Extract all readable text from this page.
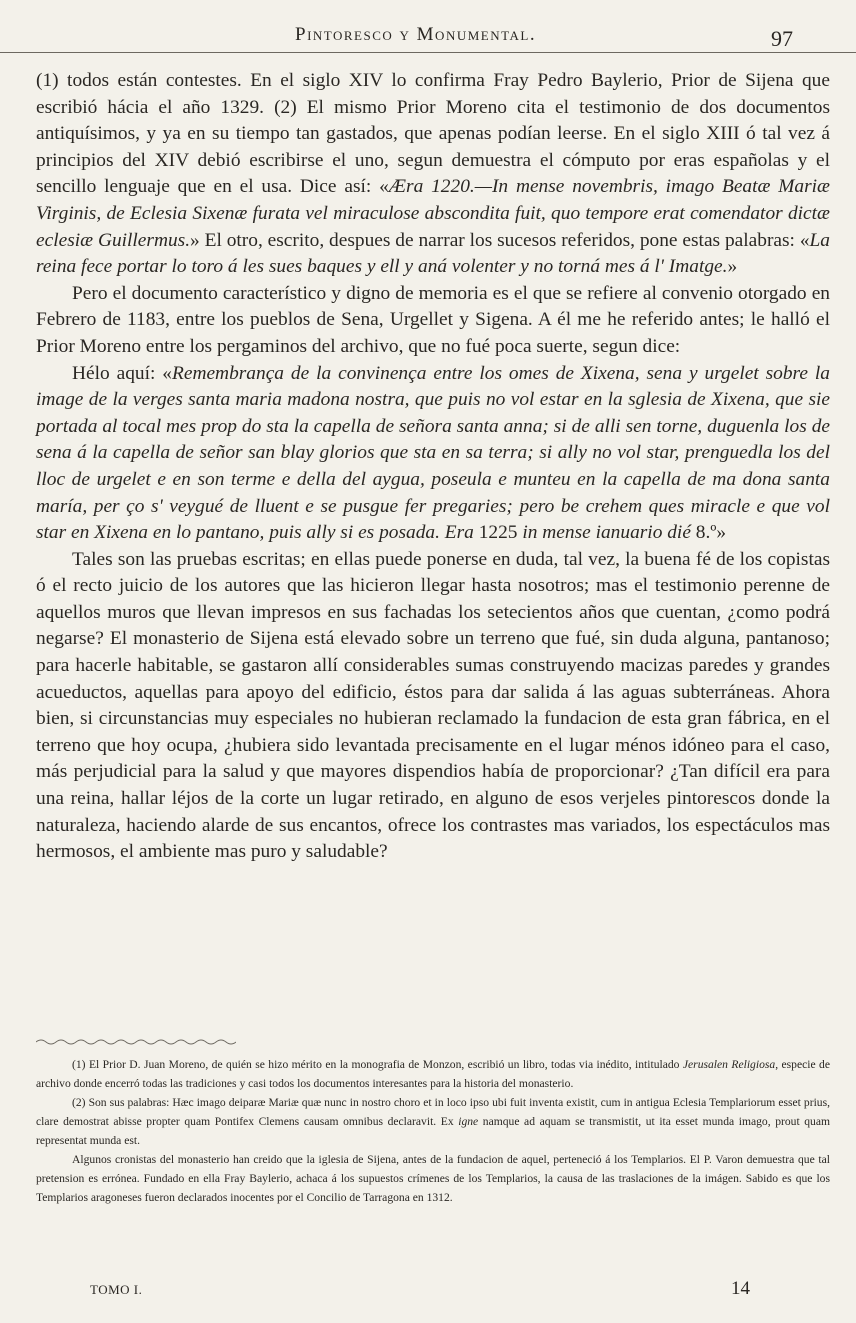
Pintoresco y Monumental.	97

(1) todos están contestes. En el siglo XIV lo confirma Fray Pedro Baylerio, Prior de Sijena que escribió hácia el año 1329. (2) El mismo Prior Moreno cita el testimonio de dos documentos antiquísimos, y ya en su tiempo tan gastados, que apenas podían leerse. En el siglo XIII ó tal vez á principios del XIV debió escribirse el uno, segun demuestra el cómputo por eras españolas y el sencillo lenguaje que en el usa. Dice así: «Æra 1220.—In mense novembris, imago Beatæ Mariæ Virginis, de Eclesia Sixenæ furata vel miraculose abscondita fuit, quo tempore erat comendator dictæ eclesiæ Guillermus.» El otro, escrito, despues de narrar los sucesos referidos, pone estas palabras: «La reina fece portar lo toro á les sues baques y ell y aná volenter y no torná mes á l' Imatge.»

Pero el documento característico y digno de memoria es el que se refiere al convenio otorgado en Febrero de 1183, entre los pueblos de Sena, Urgellet y Sigena. A él me he referido antes; le halló el Prior Moreno entre los pergaminos del archivo, que no fué poca suerte, segun dice:

Hélo aquí: «Remembrança de la convinença entre los omes de Xixena, sena y urgelet sobre la image de la verges santa maria madona nostra, que puis no vol estar en la sglesia de Xixena, que sie portada al tocal mes prop do sta la capella de señora santa anna; si de alli sen torne, duguenla los de sena á la capella de señor san blay glorios que sta en sa terra; si ally no vol star, prenguedla los del lloc de urgelet e en son terme e della del ayguа, poseula e munteu en la capella de ma dona santa maría, per ço s' veygué de lluent e se pusgue fer pregaries; pero be crehem ques miracle e que vol star en Xixena en lo pantano, puis ally si es posada. Era 1225 in mense ianuario dié 8.º»

Tales son las pruebas escritas; en ellas puede ponerse en duda, tal vez, la buena fé de los copistas ó el recto juicio de los autores que las hicieron llegar hasta nosotros; mas el testimonio perenne de aquellos muros que llevan impresos en sus fachadas los setecientos años que cuentan, ¿como podrá negarse? El monasterio de Sijena está elevado sobre un terreno que fué, sin duda alguna, pantanoso; para hacerle habitable, se gastaron allí considerables sumas construyendo macizas paredes y grandes acueductos, aquellas para apoyo del edificio, éstos para dar salida á las aguas subterráneas. Ahora bien, si circunstancias muy especiales no hubieran reclamado la fundacion de esta gran fábrica, en el terreno que hoy ocupa, ¿hubiera sido levantada precisamente en el lugar ménos idóneo para el caso, más perjudicial para la salud y que mayores dispendios había de proporcionar? ¿Tan difícil era para una reina, hallar léjos de la corte un lugar retirado, en alguno de esos verjeles pintorescos donde la naturaleza, haciendo alarde de sus encantos, ofrece los contrastes mas variados, los espectáculos mas hermosos, el ambiente mas puro y saludable?

(1) El Prior D. Juan Moreno, de quién se hizo mérito en la monografia de Monzon, escribió un libro, todas via inédito, intitulado Jerusalen Religiosa, especie de archivo donde encerró todas las tradiciones y casi todos los documentos interesantes para la historia del monasterio.

(2) Son sus palabras: Hæc imago deiparæ Mariæ quæ nunc in nostro choro et in loco ipso ubi fuit inventa existit, cum in antigua Eclesia Templariorum esset prius, clare demostrat abisse propter quam Pontifex Clemens causam omnibus declaravit. Ex igne namque ad aquam se transmistit, ut ita esset munda imago, prout quam representat munda est.

Algunos cronistas del monasterio han creido que la iglesia de Sijena, antes de la fundacion de aquel, perteneció á los Templarios. El P. Varon demuestra que tal pretension es errónea. Fundado en ella Fray Baylerio, achaca á los supuestos crímenes de los Templarios, la causa de las traslaciones de la imágen. Sabido es que los Templarios aragoneses fueron declarados inocentes por el Concilio de Tarragona en 1312.

TOMO I.	14
